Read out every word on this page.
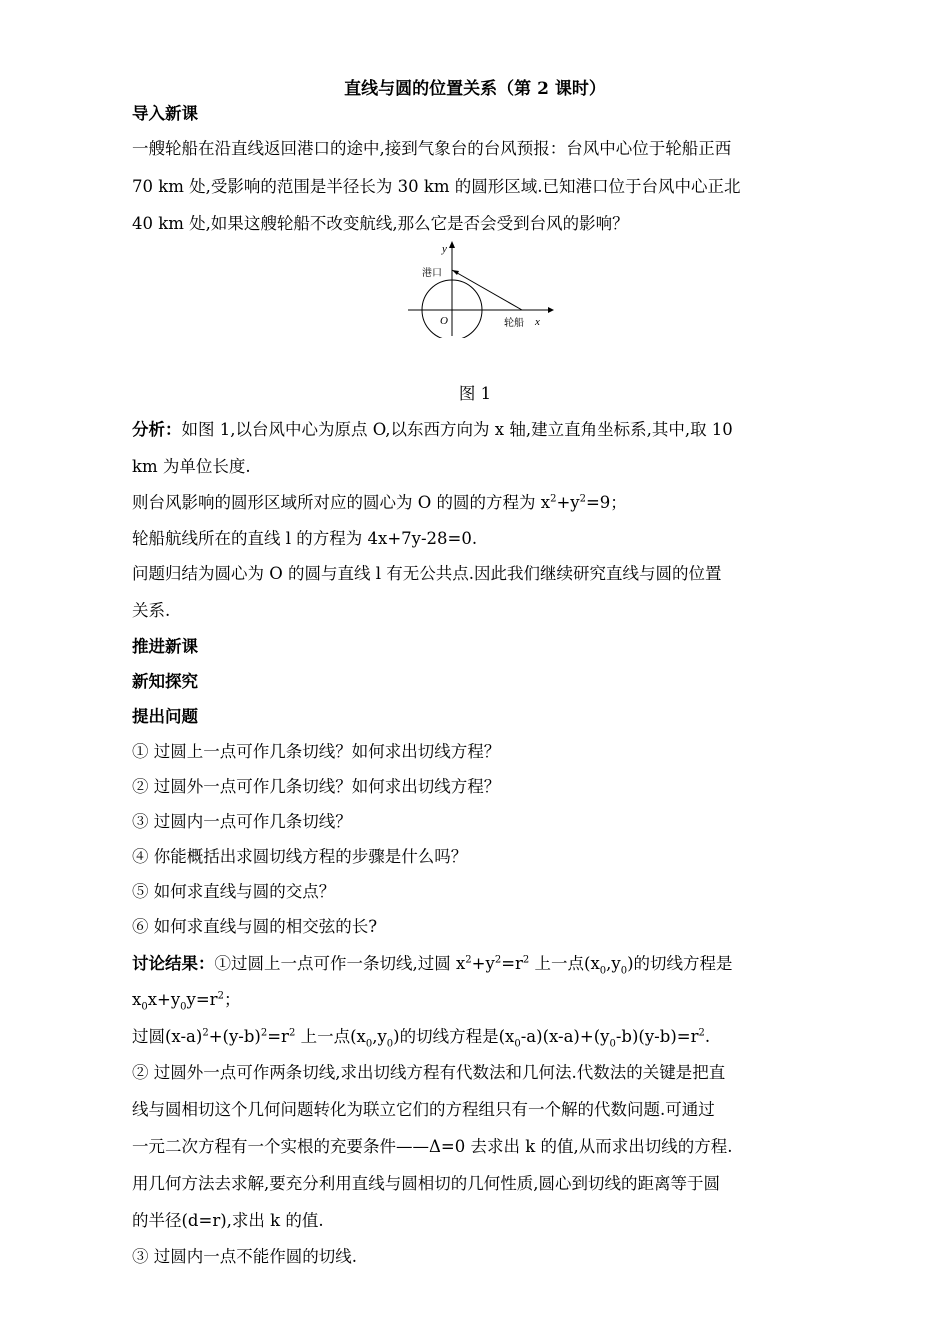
直线与圆的位置关系（第 2 课时）
导入新课
一艘轮船在沿直线返回港口的途中,接到气象台的台风预报：台风中心位于轮船正西
70 km 处,受影响的范围是半径长为 30 km 的圆形区域.已知港口位于台风中心正北
40 km 处,如果这艘轮船不改变航线,那么它是否会受到台风的影响？
y
x
O
港口
轮船
图 1
分析：如图 1,以台风中心为原点 O,以东西方向为 x 轴,建立直角坐标系,其中,取 10
km 为单位长度.
则台风影响的圆形区域所对应的圆心为 O 的圆的方程为 $x^2+y^2=9$；
轮船航线所在的直线 l 的方程为 4x+7y-28=0.
问题归结为圆心为 O 的圆与直线 l 有无公共点.因此我们继续研究直线与圆的位置
关系.
推进新课
新知探究
提出问题
① 过圆上一点可作几条切线？如何求出切线方程？
② 过圆外一点可作几条切线？如何求出切线方程？
③ 过圆内一点可作几条切线？
④ 你能概括出求圆切线方程的步骤是什么吗？
⑤ 如何求直线与圆的交点？
⑥ 如何求直线与圆的相交弦的长?
讨论结果：①过圆上一点可作一条切线,过圆 $x^2+y^2=r^2$ 上一点$(x_0,y_0)$的切线方程是
$x_0x+y_0y=r^2$；
过圆$(x-a)^2+(y-b)^2=r^2$ 上一点$(x_0,y_0)$的切线方程是$(x_0-a)(x-a)+(y_0-b)(y-b)=r^2$.
② 过圆外一点可作两条切线,求出切线方程有代数法和几何法.代数法的关键是把直
线与圆相切这个几何问题转化为联立它们的方程组只有一个解的代数问题.可通过
一元二次方程有一个实根的充要条件——Δ=0 去求出 k 的值,从而求出切线的方程.
用几何方法去求解,要充分利用直线与圆相切的几何性质,圆心到切线的距离等于圆
的半径(d=r),求出 k 的值.
③ 过圆内一点不能作圆的切线.
